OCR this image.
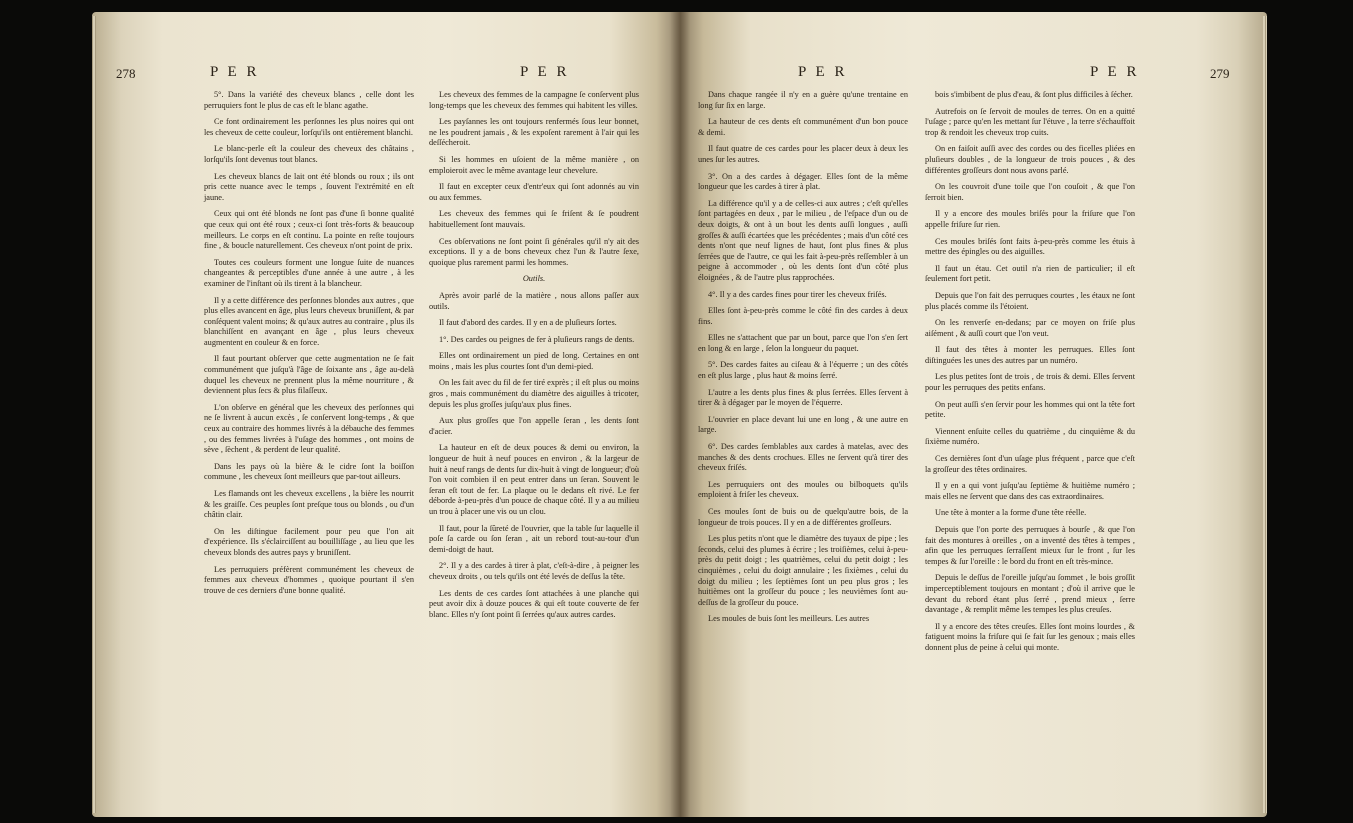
278	P E R	P E R

5°. Dans la variété des cheveux blancs , celle dont les perruquiers font le plus de cas eſt le blanc agathe.

Ce font ordinairement les perſonnes les plus noires qui ont les cheveux de cette couleur, lorſqu'ils ont entièrement blanchi.

Le blanc-perle eſt la couleur des cheveux des châtains , lorſqu'ils ſont devenus tout blancs.

Les cheveux blancs de lait ont été blonds ou roux ; ils ont pris cette nuance avec le temps , ſouvent l'extrémité en eſt jaune.

Ceux qui ont été blonds ne ſont pas d'une ſi bonne qualité que ceux qui ont été roux ; ceux-ci ſont très-forts & beaucoup meilleurs. Le corps en eſt continu. La pointe en reſte toujours fine , & boucle naturellement. Ces cheveux n'ont point de prix.

Toutes ces couleurs forment une longue ſuite de nuances changeantes & perceptibles d'une année à une autre , à les examiner de l'inſtant où ils tirent à la blancheur.

Il y a cette différence des perſonnes blondes aux autres , que plus elles avancent en âge, plus leurs cheveux bruniſſent, & par conſéquent valent moins; & qu'aux autres au contraire , plus ils blanchiſſent en avançant en âge , plus leurs cheveux augmentent en couleur & en force.

Il faut pourtant obſerver que cette augmentation ne ſe fait communément que juſqu'à l'âge de ſoixante ans , âge au-delà duquel les cheveux ne prennent plus la même nourriture , & deviennent plus ſecs & plus filaſſeux.

L'on obſerve en général que les cheveux des perſonnes qui ne ſe livrent à aucun excès , ſe conſervent long-temps , & que ceux au contraire des hommes livrés à la débauche des femmes , ou des femmes livrées à l'uſage des hommes , ont moins de sève , ſèchent , & perdent de leur qualité.

Dans les pays où la bière & le cidre ſont la boiſſon commune , les cheveux ſont meilleurs que par-tout ailleurs.

Les flamands ont les cheveux excellens , la bière les nourrit & les graiſſe. Ces peuples ſont preſque tous ou blonds , ou d'un châtin clair.

On les diſtingue facilement pour peu que l'on ait d'expérience. Ils s'éclairciſſent au bouilliſſage , au lieu que les cheveux blonds des autres pays y bruniſſent.

Les perruquiers préfèrent communément les cheveux de femmes aux cheveux d'hommes , quoique pourtant il s'en trouve de ces derniers d'une bonne qualité.

Les cheveux des femmes de la campagne ſe conſervent plus long-temps que les cheveux des femmes qui habitent les villes.

Les payſannes les ont toujours renfermés ſous leur bonnet, ne les poudrent jamais , & les expoſent rarement à l'air qui les deſſécheroit.

Si les hommes en uſoient de la même manière , on emploieroit avec le même avantage leur chevelure.

Il faut en excepter ceux d'entr'eux qui ſont adonnés au vin ou aux femmes.

Les cheveux des femmes qui ſe friſent & ſe poudrent habituellement ſont mauvais.

Ces obſervations ne ſont point ſi générales qu'il n'y ait des exceptions. Il y a de bons cheveux chez l'un & l'autre ſexe, quoique plus rarement parmi les hommes.

Outils.

Après avoir parlé de la matière , nous allons paſſer aux outils.

Il faut d'abord des cardes. Il y en a de pluſieurs ſortes.

1°. Des cardes ou peignes de fer à pluſieurs rangs de dents.

Elles ont ordinairement un pied de long. Certaines en ont moins , mais les plus courtes ſont d'un demi-pied.

On les fait avec du fil de fer tiré exprès ; il eſt plus ou moins gros , mais communément du diamètre des aiguilles à tricoter, depuis les plus groſſes juſqu'aux plus fines.

Aux plus groſſes que l'on appelle ſeran , les dents ſont d'acier.

La hauteur en eſt de deux pouces & demi ou environ, la longueur de huit à neuf pouces en environ , & la largeur de huit à neuf rangs de dents ſur dix-huit à vingt de longueur; d'où l'on voit combien il en peut entrer dans un ſeran. Souvent le ſeran eſt tout de fer. La plaque ou le dedans eſt rivé. Le fer déborde à-peu-près d'un pouce de chaque côté. Il y a au milieu un trou à placer une vis ou un clou.

Il faut, pour la ſûreté de l'ouvrier, que la table ſur laquelle il poſe ſa carde ou ſon ſeran , ait un rebord tout-au-tour d'un demi-doigt de haut.

2°. Il y a des cardes à tirer à plat, c'eſt-à-dire , à peigner les cheveux droits , ou tels qu'ils ont été levés de deſſus la tête.

Les dents de ces cardes ſont attachées à une planche qui peut avoir dix à douze pouces & qui eſt toute couverte de fer blanc. Elles n'y ſont point ſi ſerrées qu'aux autres cardes.

P E R	P E R	279

Dans chaque rangée il n'y en a guère qu'une trentaine en long ſur ſix en large.

La hauteur de ces dents eſt communément d'un bon pouce & demi.

Il faut quatre de ces cardes pour les placer deux à deux les unes ſur les autres.

3°. On a des cardes à dégager. Elles ſont de la même longueur que les cardes à tirer à plat.

La différence qu'il y a de celles-ci aux autres ; c'eſt qu'elles ſont partagées en deux , par le milieu , de l'eſpace d'un ou de deux doigts, & ont à un bout les dents auſſi longues , auſſi groſſes & auſſi écartées que les précédentes ; mais d'un côté ces dents n'ont que neuf lignes de haut, ſont plus fines & plus ſerrées que de l'autre, ce qui les fait à-peu-près reſſembler à un peigne à accommoder , où les dents ſont d'un côté plus éloignées , & de l'autre plus rapprochées.

4°. Il y a des cardes fines pour tirer les cheveux friſés.

Elles ſont à-peu-près comme le côté fin des cardes à deux fins.

Elles ne s'attachent que par un bout, parce que l'on s'en ſert en long & en large , ſelon la longueur du paquet.

5°. Des cardes faites au ciſeau & à l'équerre ; un des côtés en eſt plus large , plus haut & moins ſerré.

L'autre a les dents plus fines & plus ſerrées. Elles ſervent à tirer & à dégager par le moyen de l'équerre.

L'ouvrier en place devant lui une en long , & une autre en large.

6°. Des cardes ſemblables aux cardes à matelas, avec des manches & des dents crochues. Elles ne ſervent qu'à tirer des cheveux friſés.

Les perruquiers ont des moules ou bilboquets qu'ils emploient à friſer les cheveux.

Ces moules ſont de buis ou de quelqu'autre bois, de la longueur de trois pouces. Il y en a de différentes groſſeurs.

Les plus petits n'ont que le diamètre des tuyaux de pipe ; les ſeconds, celui des plumes à écrire ; les troiſièmes, celui à-peu-près du petit doigt ; les quatrièmes, celui du petit doigt ; les cinquièmes , celui du doigt annulaire ; les ſixièmes , celui du doigt du milieu ; les ſeptièmes ſont un peu plus gros ; les huitièmes ont la groſſeur du pouce ; les neuvièmes ſont au-deſſus de la groſſeur du pouce.

Les moules de buis ſont les meilleurs. Les autres

bois s'imbibent de plus d'eau, & ſont plus difficiles à ſécher.

Autrefois on ſe ſervoit de moules de terres. On en a quitté l'uſage ; parce qu'en les mettant ſur l'étuve , la terre s'échauffoit trop & rendoit les cheveux trop cuits.

On en faiſoit auſſi avec des cordes ou des ficelles pliées en pluſieurs doubles , de la longueur de trois pouces , & des différentes groſſeurs dont nous avons parlé.

On les couvroit d'une toile que l'on couſoit , & que l'on ſerroit bien.

Il y a encore des moules briſés pour la friſure que l'on appelle friſure ſur rien.

Ces moules briſés ſont faits à-peu-près comme les étuis à mettre des épingles ou des aiguilles.

Il faut un étau. Cet outil n'a rien de particulier; il eſt ſeulement fort petit.

Depuis que l'on fait des perruques courtes , les étaux ne ſont plus placés comme ils l'étoient.

On les renverſe en-dedans; par ce moyen on friſe plus aiſément , & auſſi court que l'on veut.

Il faut des têtes à monter les perruques. Elles ſont diſtinguées les unes des autres par un numéro.

Les plus petites ſont de trois , de trois & demi. Elles ſervent pour les perruques des petits enfans.

On peut auſſi s'en ſervir pour les hommes qui ont la tête fort petite.

Viennent enſuite celles du quatrième , du cinquième & du ſixième numéro.

Ces dernières ſont d'un uſage plus fréquent , parce que c'eſt la groſſeur des têtes ordinaires.

Il y en a qui vont juſqu'au ſeptième & huitième numéro ; mais elles ne ſervent que dans des cas extraordinaires.

Une tête à monter a la forme d'une tête réelle.

Depuis que l'on porte des perruques à bourſe , & que l'on fait des montures à oreilles , on a inventé des têtes à tempes , afin que les perruques ſerraſſent mieux ſur le front , ſur les tempes & ſur l'oreille : le bord du front en eſt très-mince.

Depuis le deſſus de l'oreille juſqu'au ſommet , le bois groſſit imperceptiblement toujours en montant ; d'où il arrive que le devant du rebord étant plus ſerré , prend mieux , ſerre davantage , & remplit même les tempes les plus creuſes.

Il y a encore des têtes creuſes. Elles ſont moins lourdes , & fatiguent moins la friſure qui ſe fait ſur les genoux ; mais elles donnent plus de peine à celui qui monte.
